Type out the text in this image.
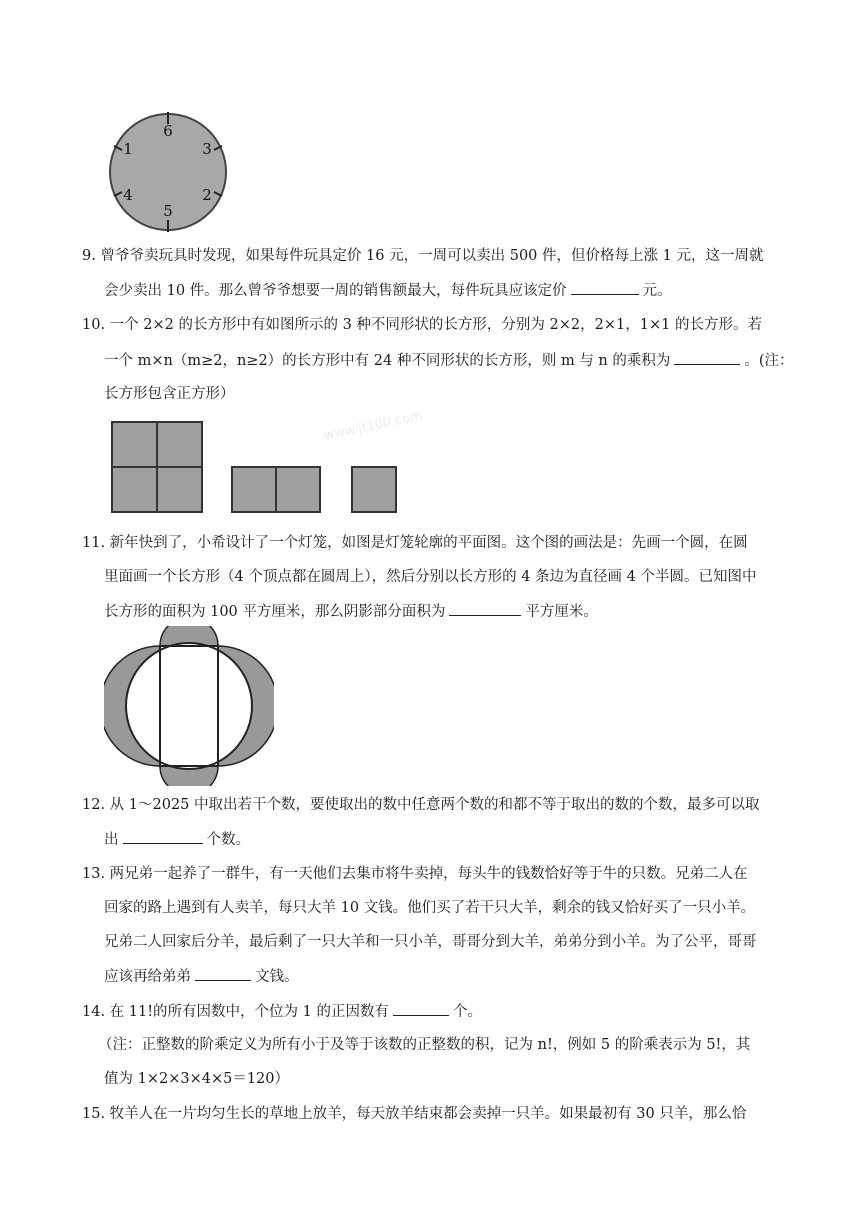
6
3
2
5
4
1
9. 曾爷爷卖玩具时发现，如果每件玩具定价 16 元，一周可以卖出 500 件，但价格每上涨 1 元，这一周就
会少卖出 10 件。那么曾爷爷想要一周的销售额最大，每件玩具应该定价	元。
10. 一个 2×2 的长方形中有如图所示的 3 种不同形状的长方形，分别为 2×2，2×1，1×1 的长方形。若
一个 m×n（m≥2，n≥2）的长方形中有 24 种不同形状的长方形，则 m 与 n 的乘积为	。(注：
长方形包含正方形）
www.jt100.com
11. 新年快到了，小希设计了一个灯笼，如图是灯笼轮廓的平面图。这个图的画法是：先画一个圆，在圆
里面画一个长方形（4 个顶点都在圆周上），然后分别以长方形的 4 条边为直径画 4 个半圆。已知图中
长方形的面积为 100 平方厘米，那么阴影部分面积为	平方厘米。
12. 从 1～2025 中取出若干个数，要使取出的数中任意两个数的和都不等于取出的数的个数，最多可以取
出	个数。
13. 两兄弟一起养了一群牛，有一天他们去集市将牛卖掉，每头牛的钱数恰好等于牛的只数。兄弟二人在
回家的路上遇到有人卖羊，每只大羊 10 文钱。他们买了若干只大羊，剩余的钱又恰好买了一只小羊。
兄弟二人回家后分羊，最后剩了一只大羊和一只小羊，哥哥分到大羊，弟弟分到小羊。为了公平，哥哥
应该再给弟弟	文钱。
14. 在 11!的所有因数中，个位为 1 的正因数有	个。
（注：正整数的阶乘定义为所有小于及等于该数的正整数的积，记为 n!，例如 5 的阶乘表示为 5!，其
值为 1×2×3×4×5＝120）
15. 牧羊人在一片均匀生长的草地上放羊，每天放羊结束都会卖掉一只羊。如果最初有 30 只羊，那么恰
